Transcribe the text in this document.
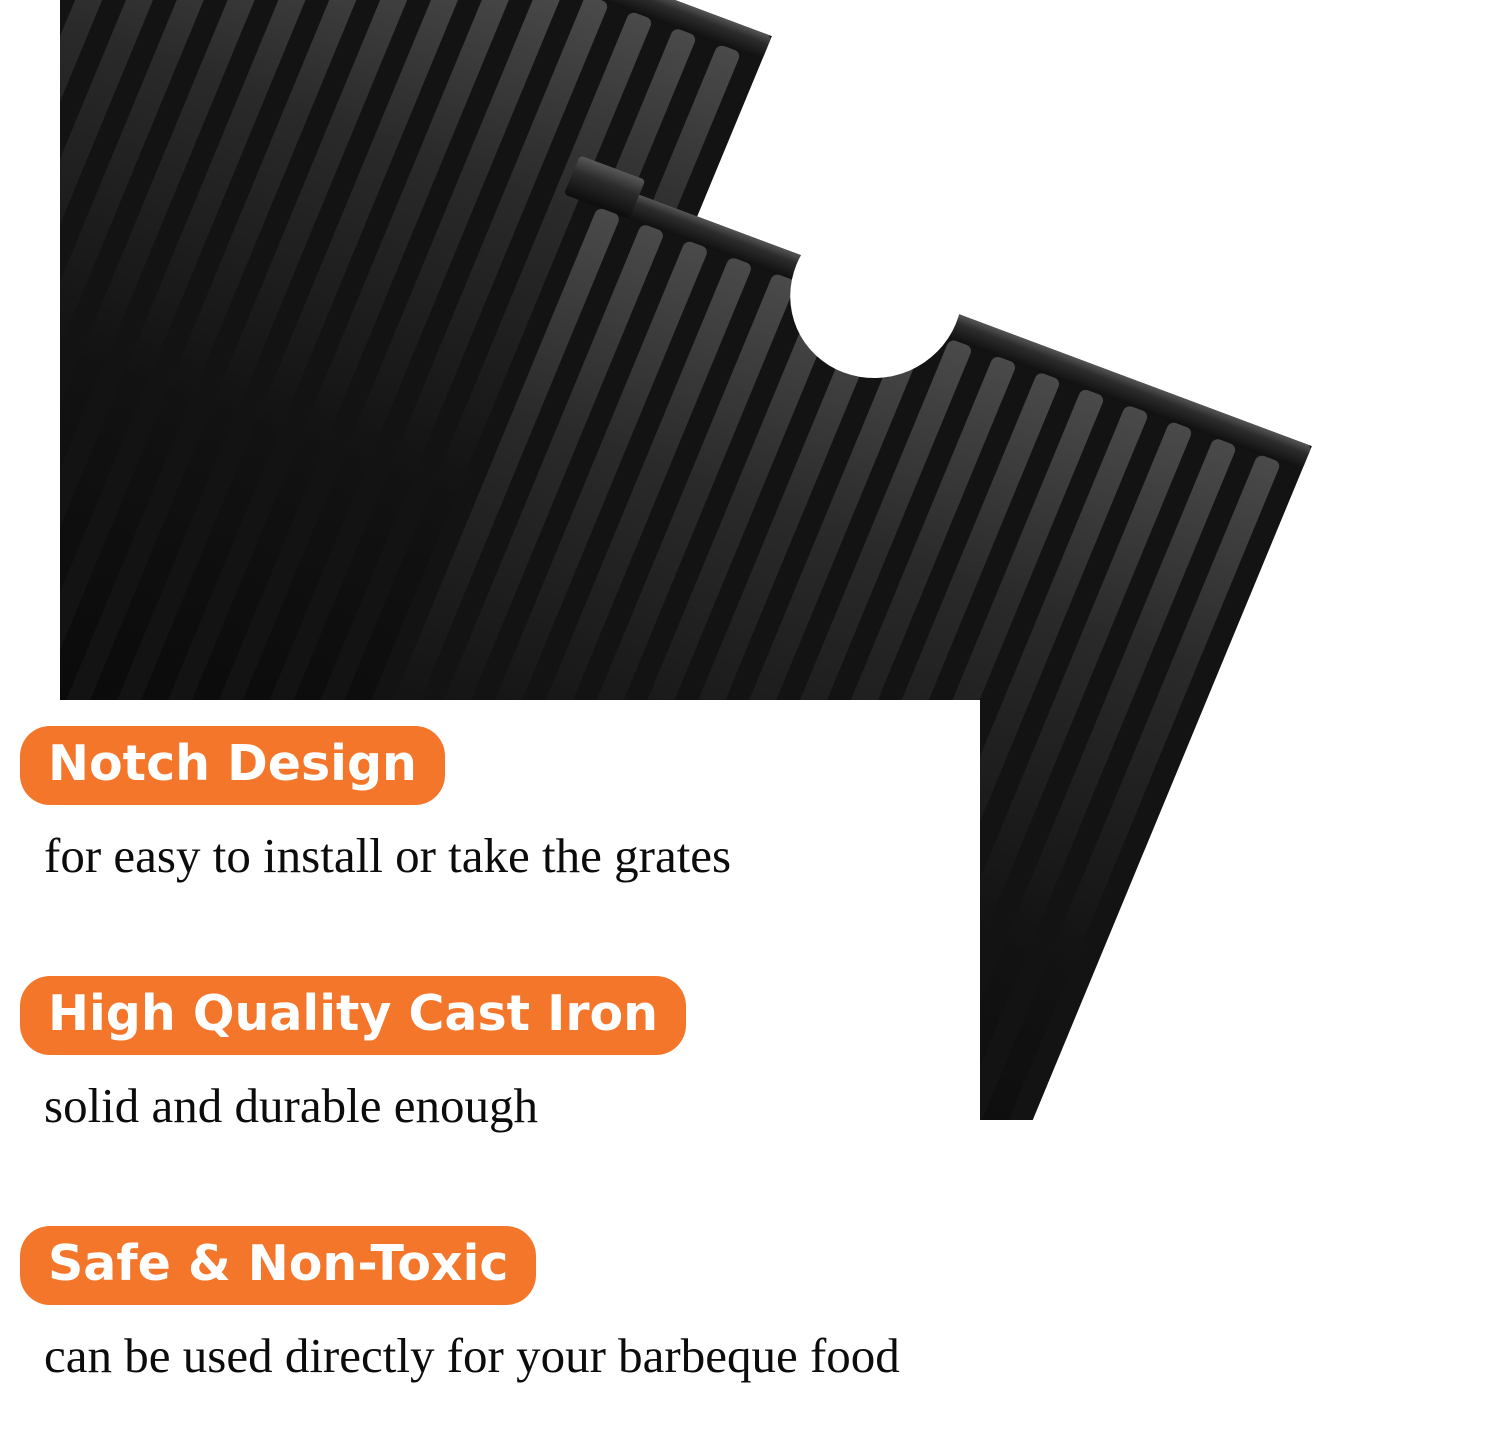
Notch Design
for easy to install or take the grates
High Quality Cast Iron
solid and durable enough
Safe & Non-Toxic
can be used directly for your barbeque food
